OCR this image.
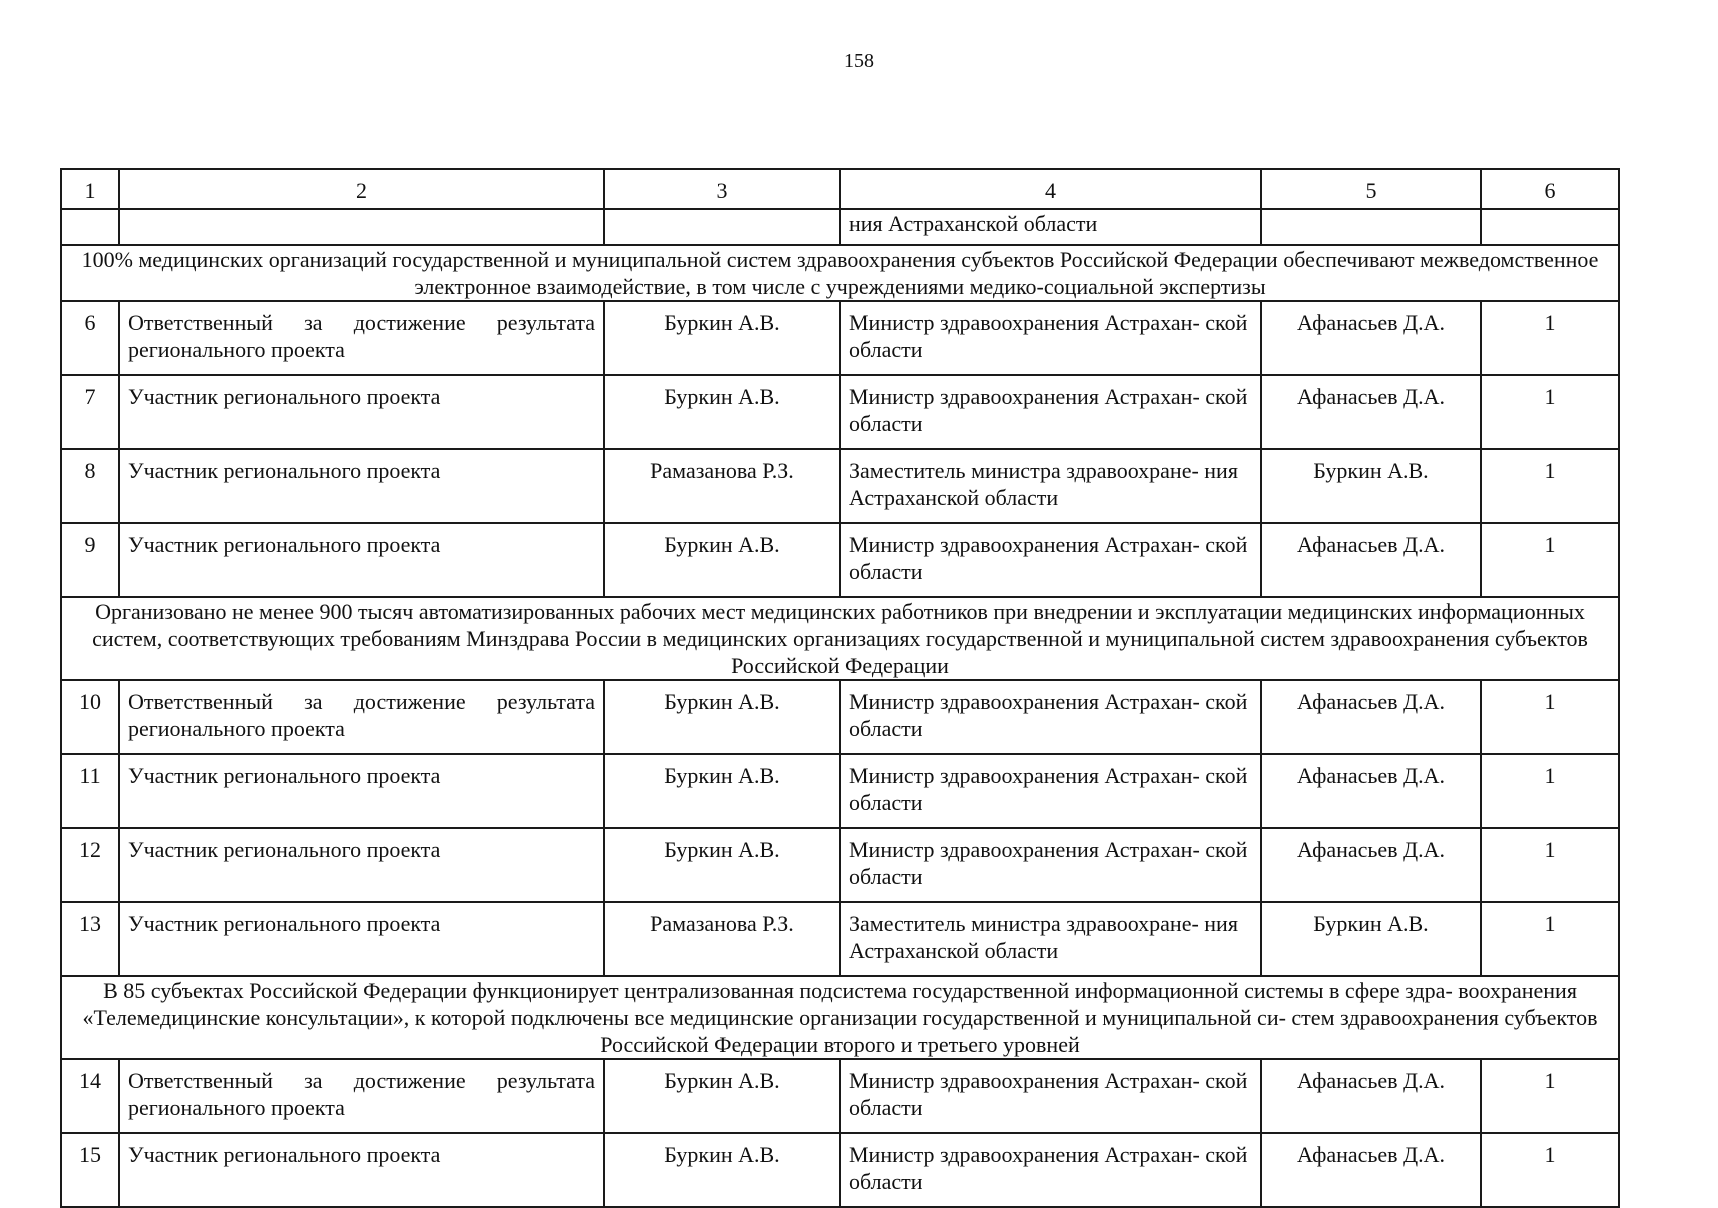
158
1	2	3	4	5	6
			ния Астраханской области		
100% медицинских организаций государственной и муниципальной систем здравоохранения субъектов Российской Федерации обеспечивают межведомственное электронное взаимодействие, в том числе с учреждениями медико-социальной экспертизы					
6	Ответственный за достижение результата регионального проекта	Буркин А.В.	Министр здравоохранения Астрахан- ской области	Афанасьев Д.А.	1
7	Участник регионального проекта	Буркин А.В.	Министр здравоохранения Астрахан- ской области	Афанасьев Д.А.	1
8	Участник регионального проекта	Рамазанова Р.З.	Заместитель министра здравоохране- ния Астраханской области	Буркин А.В.	1
9	Участник регионального проекта	Буркин А.В.	Министр здравоохранения Астрахан- ской области	Афанасьев Д.А.	1
Организовано не менее 900 тысяч автоматизированных рабочих мест медицинских работников при внедрении и эксплуатации медицинских информационных систем, соответствующих требованиям Минздрава России в медицинских организациях государственной и муниципальной систем здравоохранения субъектов Российской Федерации					
10	Ответственный за достижение результата регионального проекта	Буркин А.В.	Министр здравоохранения Астрахан- ской области	Афанасьев Д.А.	1
11	Участник регионального проекта	Буркин А.В.	Министр здравоохранения Астрахан- ской области	Афанасьев Д.А.	1
12	Участник регионального проекта	Буркин А.В.	Министр здравоохранения Астрахан- ской области	Афанасьев Д.А.	1
13	Участник регионального проекта	Рамазанова Р.З.	Заместитель министра здравоохране- ния Астраханской области	Буркин А.В.	1
В 85 субъектах Российской Федерации функционирует централизованная подсистема государственной информационной системы в сфере здра- воохранения «Телемедицинские консультации», к которой подключены все медицинские организации государственной и муниципальной си- стем здравоохранения субъектов Российской Федерации второго и третьего уровней					
14	Ответственный за достижение результата регионального проекта	Буркин А.В.	Министр здравоохранения Астрахан- ской области	Афанасьев Д.А.	1
15	Участник регионального проекта	Буркин А.В.	Министр здравоохранения Астрахан- ской области	Афанасьев Д.А.	1
